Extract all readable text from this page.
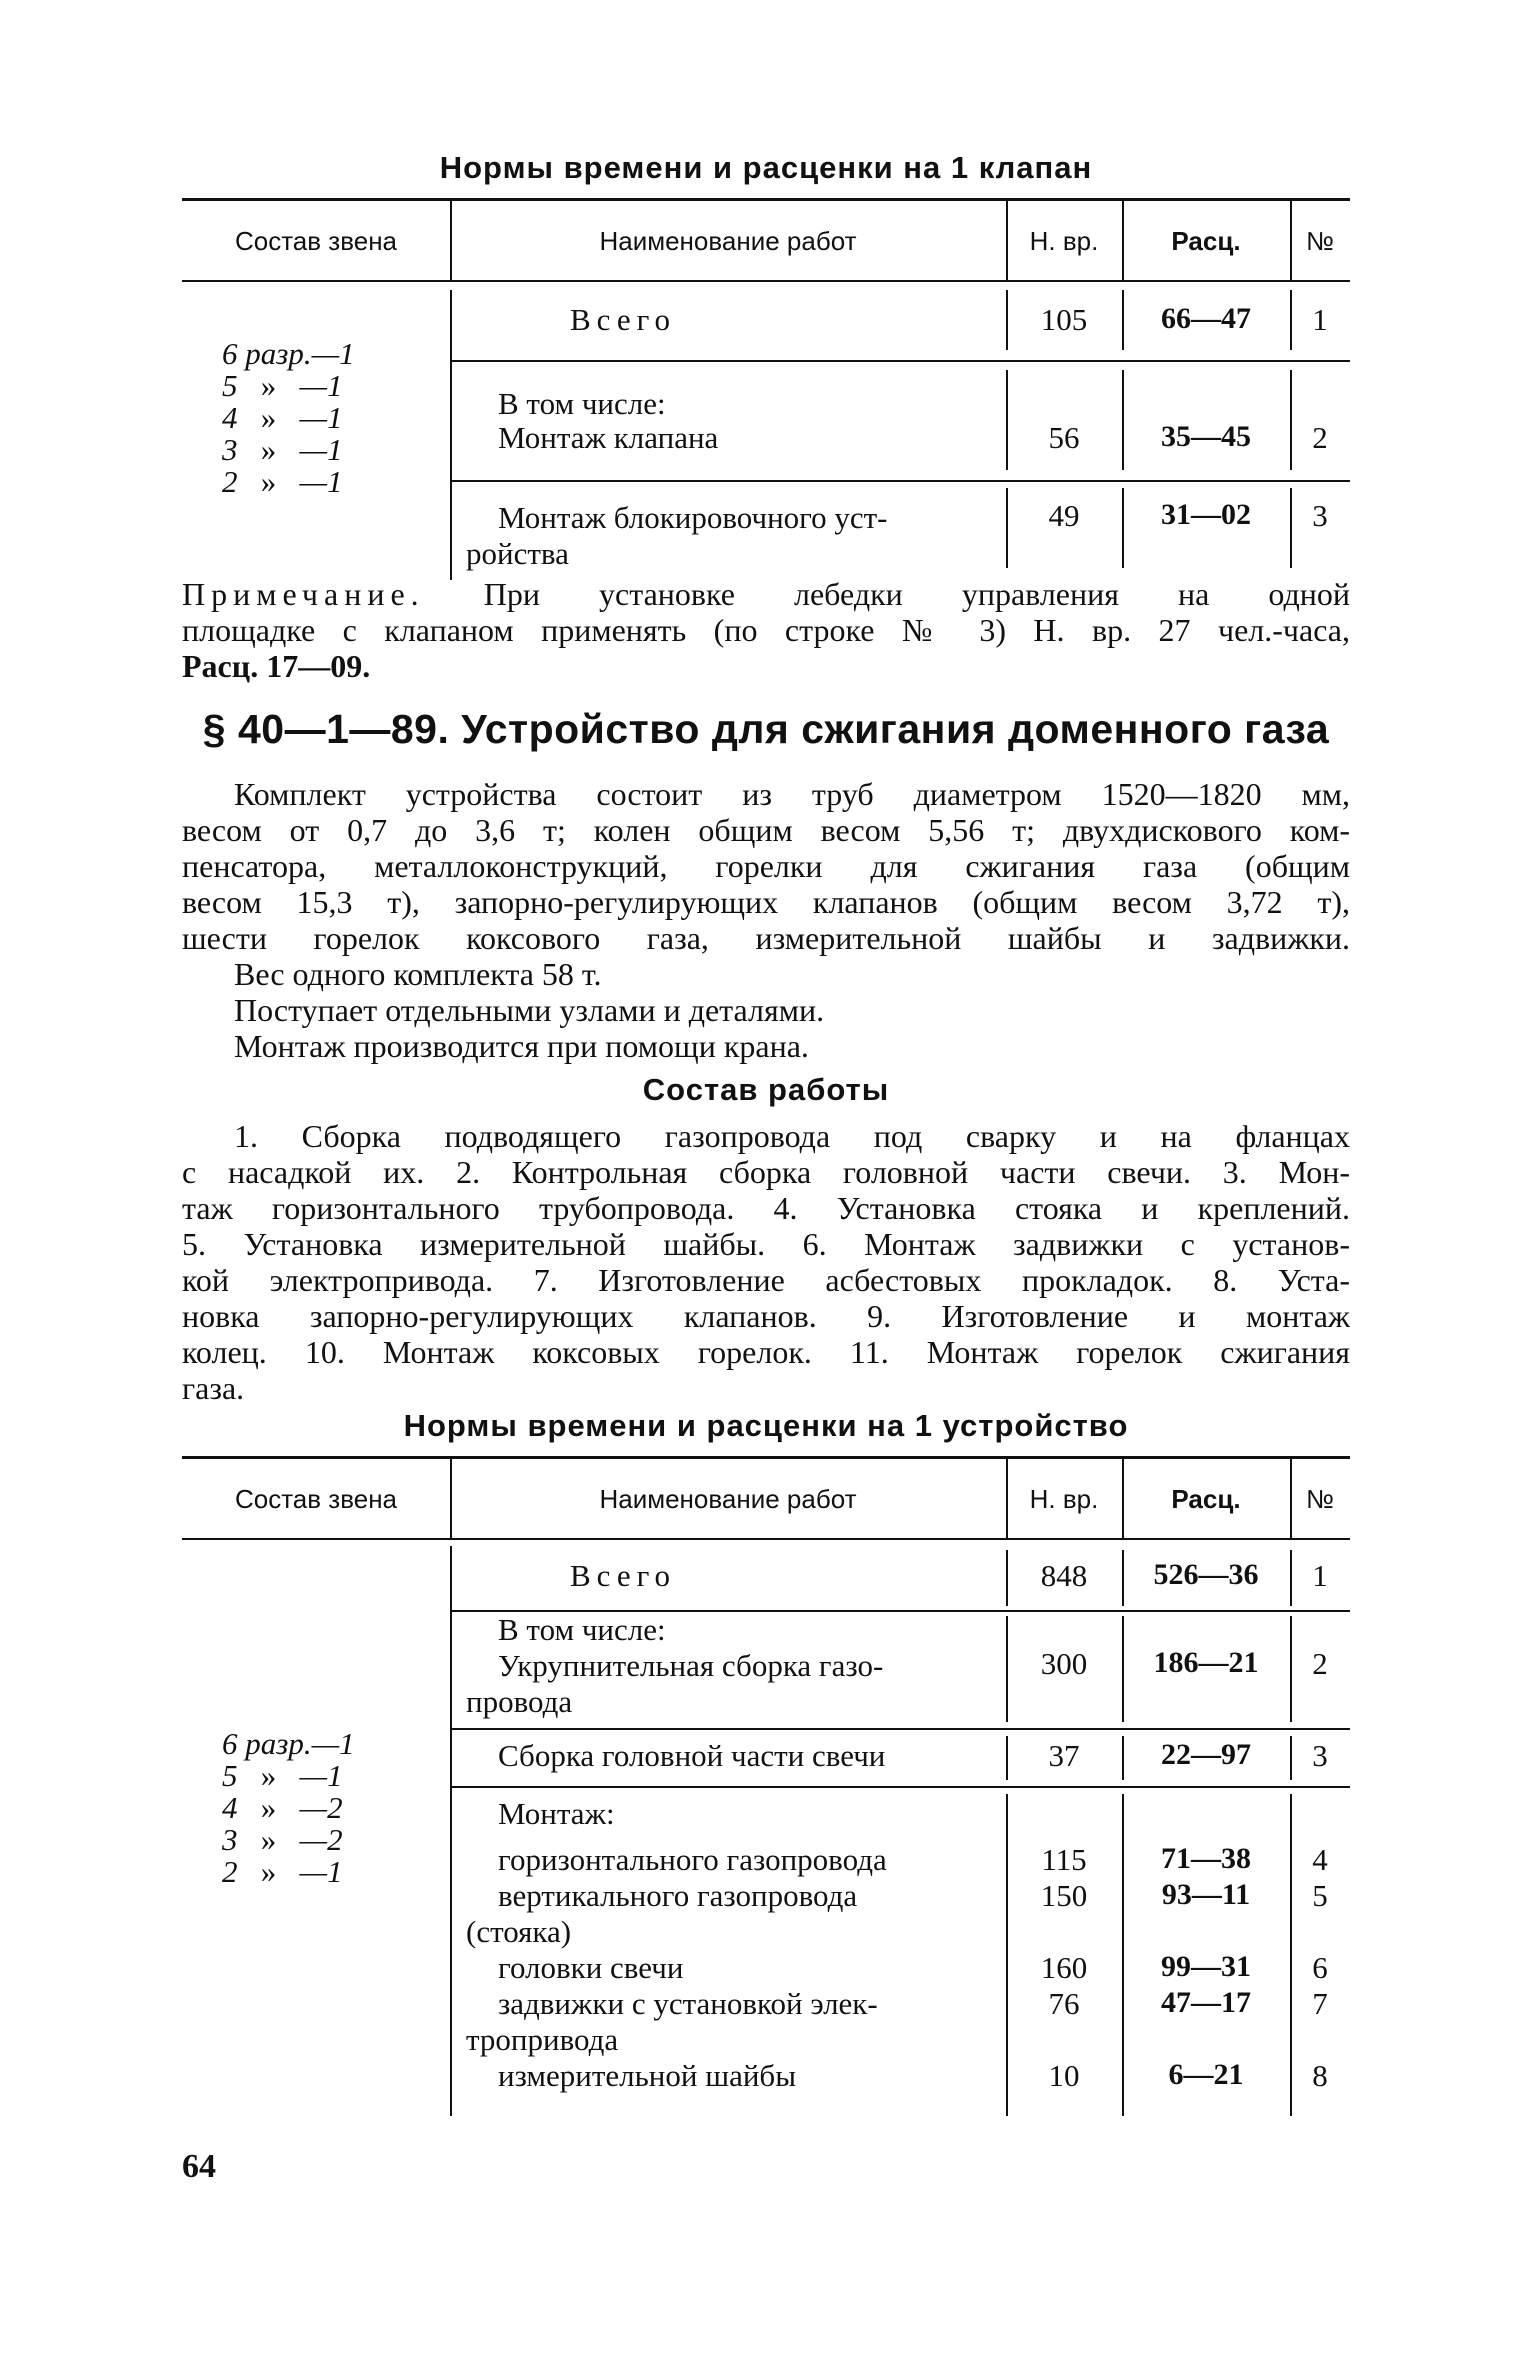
Нормы времени и расценки на 1 клапан
Состав звена	Наименование работ	Н. вр.	Расц.	№
6 разр.—1
5 » —1
4 » —1
3 » —1
2 » —1
Всего	105	66—47	1
В том числе:
Монтаж клапана	56	35—45	2
Монтаж блокировочного уст-
ройства
49	31—02	3
Примечание. При установке лебедки управления на одной
площадке с клапаном применять (по строке № 3) Н. вр. 27 чел.-часа,
Расц. 17—09.
§ 40—1—89. Устройство для сжигания доменного газа
Комплект устройства состоит из труб диаметром 1520—1820 мм,
весом от 0,7 до 3,6 т; колен общим весом 5,56 т; двухдискового ком-
пенсатора, металлоконструкций, горелки для сжигания газа (общим
весом 15,3 т), запорно-регулирующих клапанов (общим весом 3,72 т),
шести горелок коксового газа, измерительной шайбы и задвижки.
Вес одного комплекта 58 т.
Поступает отдельными узлами и деталями.
Монтаж производится при помощи крана.
Состав работы
1. Сборка подводящего газопровода под сварку и на фланцах
с насадкой их. 2. Контрольная сборка головной части свечи. 3. Мон-
таж горизонтального трубопровода. 4. Установка стояка и креплений.
5. Установка измерительной шайбы. 6. Монтаж задвижки с установ-
кой электропривода. 7. Изготовление асбестовых прокладок. 8. Уста-
новка запорно-регулирующих клапанов. 9. Изготовление и монтаж
колец. 10. Монтаж коксовых горелок. 11. Монтаж горелок сжигания
газа.
Нормы времени и расценки на 1 устройство
Состав звена	Наименование работ	Н. вр.	Расц.	№
6 разр.—1
5 » —1
4 » —2
3 » —2
2 » —1
Всего	848	526—36	1
В том числе:
Укрупнительная сборка газо-
провода
300	186—21	2
Сборка головной части свечи	37	22—97	3
Монтаж:
горизонтального газопровода	115	71—38	4
вертикального газопровода
(стояка)
150	93—11	5
головки свечи	160	99—31	6
задвижки с установкой элек-
тропривода
76	47—17	7
измерительной шайбы	10	6—21	8
64
